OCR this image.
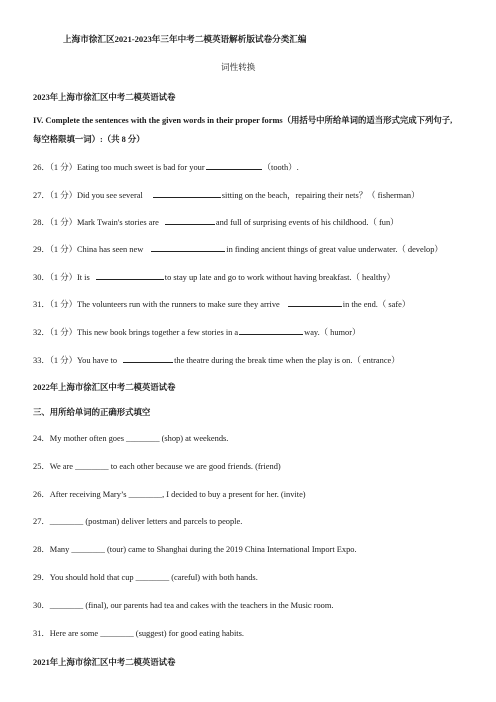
上海市徐汇区2021-2023年三年中考二模英语解析版试卷分类汇编
词性转换
2023年上海市徐汇区中考二模英语试卷
IV. Complete the sentences with the given words in their proper forms（用括号中所给单词的适当形式完成下列句子,
每空格限填一词）:（共 8 分）
26．（1 分）Eating too much sweet is bad for your	（tooth）.
27．（1 分）Did you see several	sitting on the beach，repairing their nets？（ fisherman）
28．（1 分）Mark Twain's stories are	and full of surprising events of his childhood.（ fun）
29．（1 分）China has seen new	in finding ancient things of great value underwater.（ develop）
30．（1 分）It is	to stay up late and go to work without having breakfast.（ healthy）
31．（1 分）The volunteers run with the runners to make sure they arrive	in the end.（ safe）
32．（1 分）This new book brings together a few stories in a	way.（ humor）
33．（1 分）You have to	the theatre during the break time when the play is on.（ entrance）
2022年上海市徐汇区中考二模英语试卷
三、用所给单词的正确形式填空
24．My mother often goes ________ (shop) at weekends.
25．We are ________ to each other because we are good friends. (friend)
26．After receiving Mary’s ________, I decided to buy a present for her. (invite)
27．________ (postman) deliver letters and parcels to people.
28．Many ________ (tour) came to Shanghai during the 2019 China International Import Expo.
29．You should hold that cup ________ (careful) with both hands.
30．________ (final), our parents had tea and cakes with the teachers in the Music room.
31．Here are some ________ (suggest) for good eating habits.
2021年上海市徐汇区中考二模英语试卷
